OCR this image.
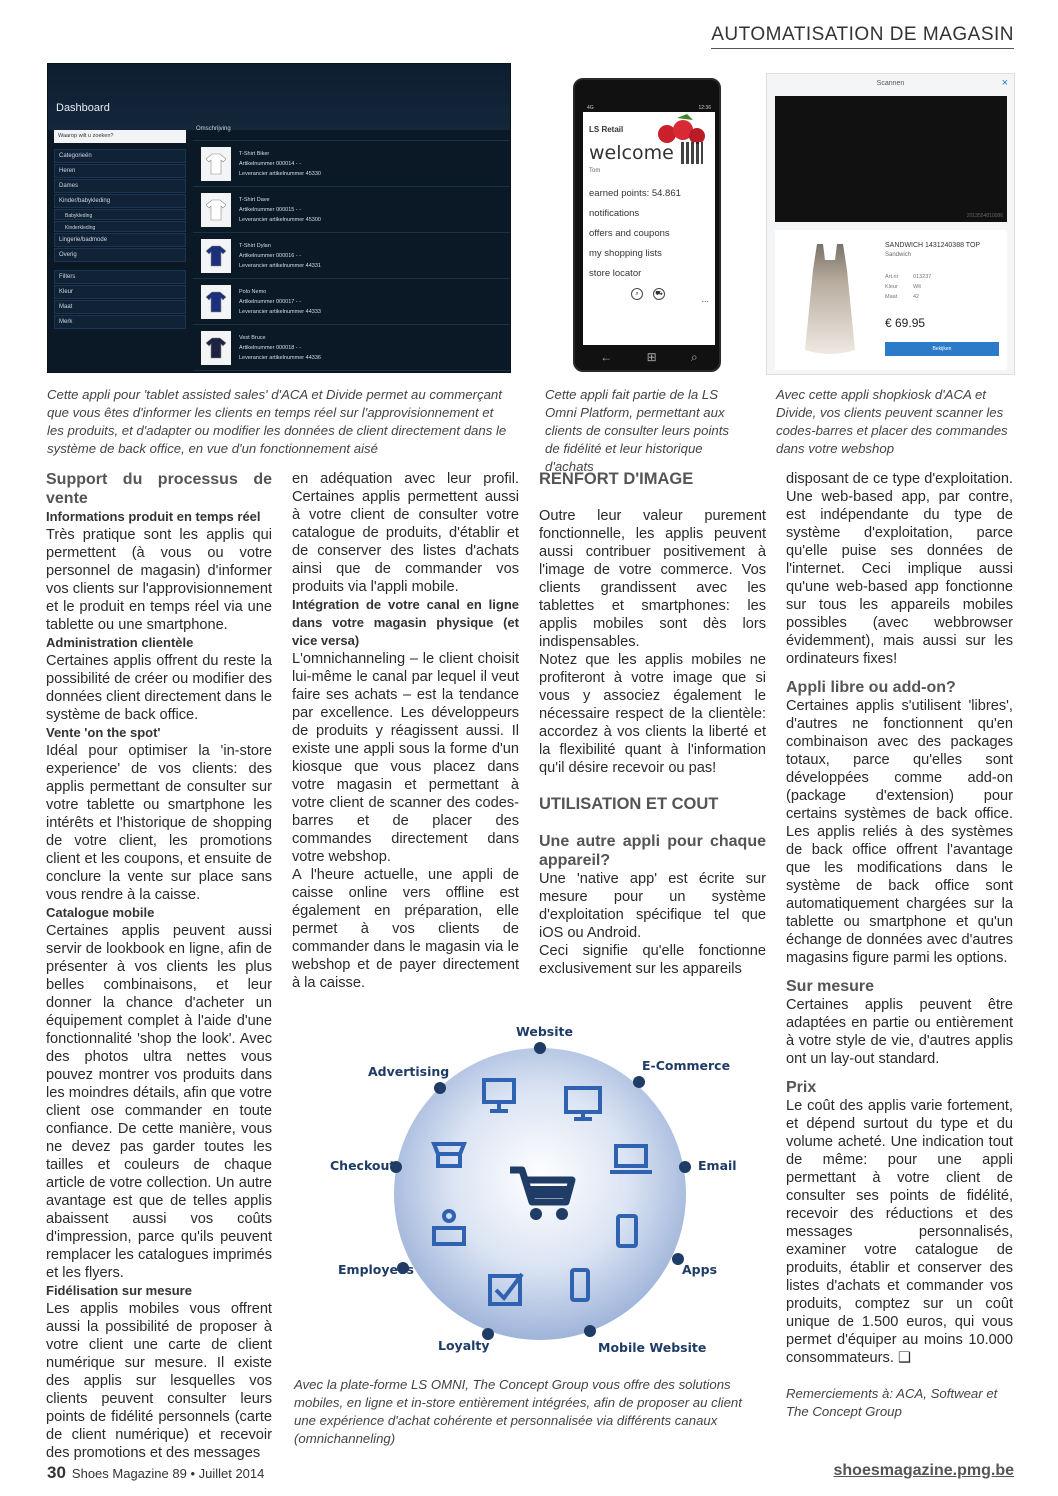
AUTOMATISATION DE MAGASIN
Dashboard
Waarop wilt u zoeken?
Categorieën
Heren
Dames
Kinder/babykleding
Babykleding
Kinderkleding
Lingerie/badmode
Overig
Filters
Kleur
Maat
Merk
Omschrijving
T-Shirt Biker
Artikelnummer 000014 - -
Leverancier artikelnummer 45330
T-Shirt Dave
Artikelnummer 000015 - -
Leverancier artikelnummer 45300
T-Shirt Dylan
Artikelnummer 000016 - -
Leverancier artikelnummer 44331
Polo Nemo
Artikelnummer 000017 - -
Leverancier artikelnummer 44333
Vest Bruce
Artikelnummer 000018 - -
Leverancier artikelnummer 44336
4G	12:36
LS Retail
welcome
Tom
earned points: 54.861
notifications
offers and coupons
my shopping lists
store locator
⌕	⛟	...
←	⊞	⌕
Scannen	×
2013554810086
SANDWICH 1431240388 TOP
Sandwich
Art.nr	013237
Kleur	Wit
Maat	42
€ 69.95
Bekijken
Cette appli pour 'tablet assisted sales' d'ACA et Divide permet au commerçant que vous êtes d'informer les clients en temps réel sur l'approvisionnement et les produits, et d'adapter ou modifier les données de client directement dans le système de back office, en vue d'un fonctionnement aisé
Cette appli fait partie de la LS Omni Platform, permettant aux clients de consulter leurs points de fidélité et leur historique d'achats
Avec cette appli shopkiosk d'ACA et Divide, vos clients peuvent scanner les codes-barres et placer des commandes dans votre webshop
Support du processus de vente
Informations produit en temps réel

Très pratique sont les applis qui permettent (à vous ou votre personnel de magasin) d'informer vos clients sur l'approvisionnement et le produit en temps réel via une tablette ou une smartphone.

Administration clientèle

Certaines applis offrent du reste la possibilité de créer ou modifier des données client directement dans le système de back office.

Vente 'on the spot'

Idéal pour optimiser la 'in-store experience' de vos clients: des applis permettant de consulter sur votre tablette ou smartphone les intérêts et l'historique de shopping de votre client, les promotions client et les coupons, et ensuite de conclure la vente sur place sans vous rendre à la caisse.

Catalogue mobile

Certaines applis peuvent aussi servir de lookbook en ligne, afin de présenter à vos clients les plus belles combinaisons, et leur donner la chance d'acheter un équipement complet à l'aide d'une fonctionnalité 'shop the look'. Avec des photos ultra nettes vous pouvez montrer vos produits dans les moindres détails, afin que votre client ose commander en toute confiance. De cette manière, vous ne devez pas garder toutes les tailles et couleurs de chaque article de votre collection. Un autre avantage est que de telles applis abaissent aussi vos coûts d'impression, parce qu'ils peuvent remplacer les catalogues imprimés et les flyers.

Fidélisation sur mesure

Les applis mobiles vous offrent aussi la possibilité de proposer à votre client une carte de client numérique sur mesure. Il existe des applis sur lesquelles vos clients peuvent consulter leurs points de fidélité personnels (carte de client numérique) et recevoir des promotions et des messages

en adéquation avec leur profil. Certaines applis permettent aussi à votre client de consulter votre catalogue de produits, d'établir et de conserver des listes d'achats ainsi que de commander vos produits via l'appli mobile.

Intégration de votre canal en ligne dans votre magasin physique (et vice versa)

L'omnichanneling – le client choisit lui-même le canal par lequel il veut faire ses achats – est la tendance par excellence. Les développeurs de produits y réagissent aussi. Il existe une appli sous la forme d'un kiosque que vous placez dans votre magasin et permettant à votre client de scanner des codes-barres et de placer des commandes directement dans votre webshop.

A l'heure actuelle, une appli de caisse online vers offline est également en préparation, elle permet à vos clients de commander dans le magasin via le webshop et de payer directement à la caisse.

RENFORT D'IMAGE

Outre leur valeur purement fonctionnelle, les applis peuvent aussi contribuer positivement à l'image de votre commerce. Vos clients grandissent avec les tablettes et smartphones: les applis mobiles sont dès lors indispensables.

Notez que les applis mobiles ne profiteront à votre image que si vous y associez également le nécessaire respect de la clientèle: accordez à vos clients la liberté et la flexibilité quant à l'information qu'il désire recevoir ou pas!

UTILISATION ET COUT
Une autre appli pour chaque appareil?

Une 'native app' est écrite sur mesure pour un système d'exploitation spécifique tel que iOS ou Android.

Ceci signifie qu'elle fonctionne exclusivement sur les appareils

disposant de ce type d'exploitation. Une web-based app, par contre, est indépendante du type de système d'exploitation, parce qu'elle puise ses données de l'internet. Ceci implique aussi qu'une web-based app fonctionne sur tous les appareils mobiles possibles (avec webbrowser évidemment), mais aussi sur les ordinateurs fixes!

Appli libre ou add-on?

Certaines applis s'utilisent 'libres', d'autres ne fonctionnent qu'en combinaison avec des packages totaux, parce qu'elles sont développées comme add-on (package d'extension) pour certains systèmes de back office. Les applis reliés à des systèmes de back office offrent l'avantage que les modifications dans le système de back office sont automatiquement chargées sur la tablette ou smartphone et qu'un échange de données avec d'autres magasins figure parmi les options.

Sur mesure

Certaines applis peuvent être adaptées en partie ou entièrement à votre style de vie, d'autres applis ont un lay-out standard.

Prix

Le coût des applis varie fortement, et dépend surtout du type et du volume acheté. Une indication tout de même: pour une appli permettant à votre client de consulter ses points de fidélité, recevoir des réductions et des messages personnalisés, examiner votre catalogue de produits, établir et conserver des listes d'achats et commander vos produits, comptez sur un coût unique de 1.500 euros, qui vous permet d'équiper au moins 10.000 consommateurs. ❑

Remerciements à: ACA, Softwear et The Concept Group
Website
E-Commerce
Email
Apps
Mobile Website
Loyalty
Employees
Checkout
Advertising
Avec la plate-forme LS OMNI, The Concept Group vous offre des solutions mobiles, en ligne et in-store entièrement intégrées, afin de proposer au client une expérience d'achat cohérente et personnalisée via différents canaux (omnichanneling)
30 Shoes Magazine 89 • Juillet 2014	shoesmagazine.pmg.be
